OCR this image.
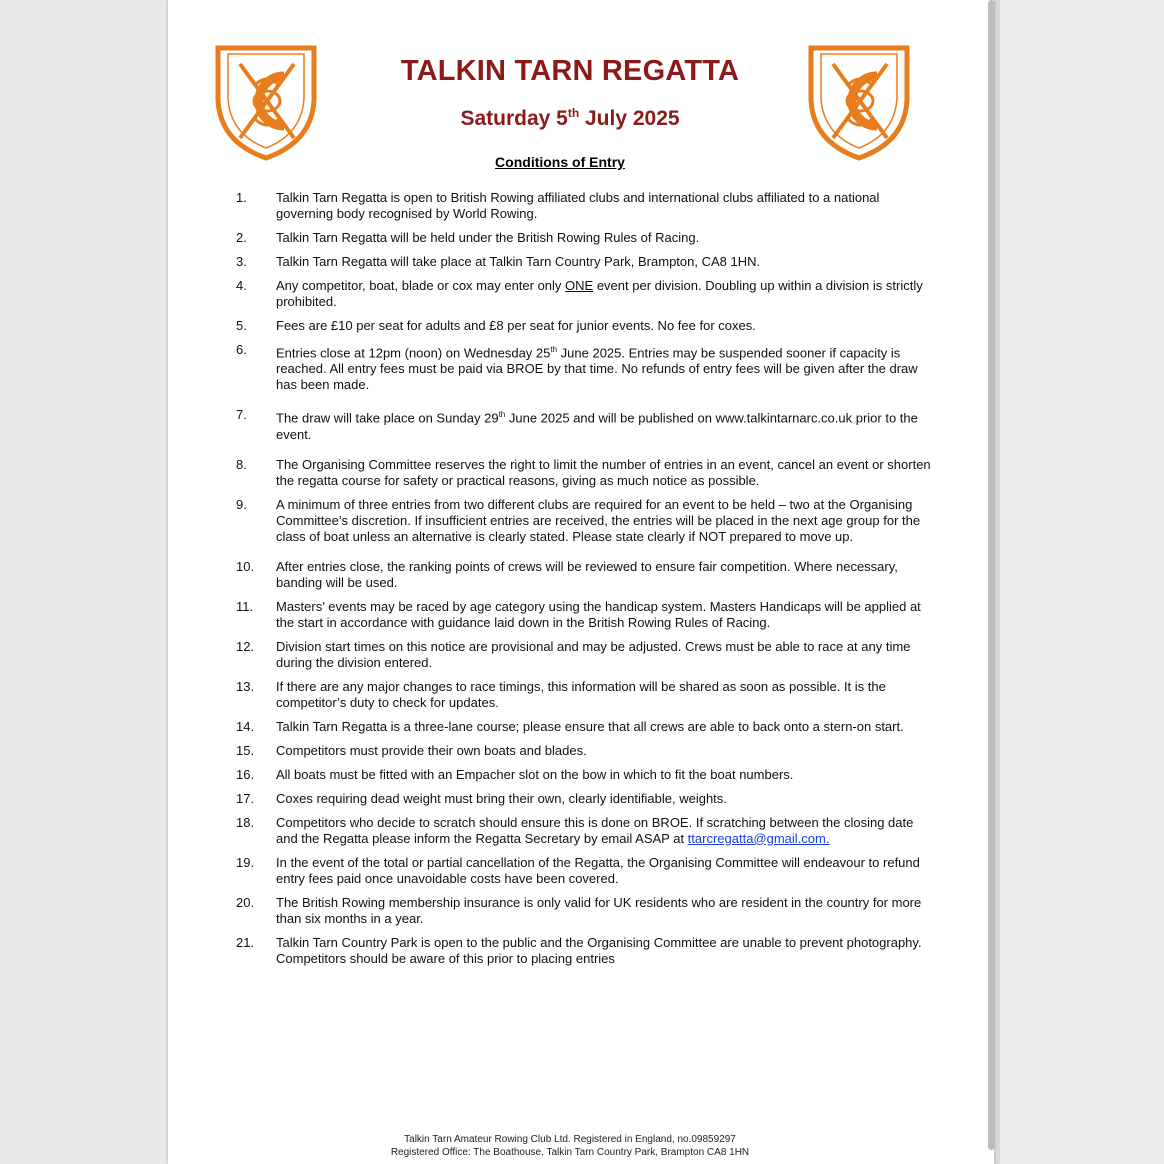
TALKIN TARN REGATTA
Saturday 5th July 2025
Conditions of Entry
1.	Talkin Tarn Regatta is open to British Rowing affiliated clubs and international clubs affiliated to a national governing body recognised by World Rowing.
2.	Talkin Tarn Regatta will be held under the British Rowing Rules of Racing.
3.	Talkin Tarn Regatta will take place at Talkin Tarn Country Park, Brampton, CA8 1HN.
4.	Any competitor, boat, blade or cox may enter only ONE event per division. Doubling up within a division is strictly prohibited.
5.	Fees are £10 per seat for adults and £8 per seat for junior events. No fee for coxes.
6.	Entries close at 12pm (noon) on Wednesday 25th June 2025. Entries may be suspended sooner if capacity is reached. All entry fees must be paid via BROE by that time. No refunds of entry fees will be given after the draw has been made.
7.	The draw will take place on Sunday 29th June 2025 and will be published on www.talkintarnarc.co.uk prior to the event.
8.	The Organising Committee reserves the right to limit the number of entries in an event, cancel an event or shorten the regatta course for safety or practical reasons, giving as much notice as possible.
9.	A minimum of three entries from two different clubs are required for an event to be held – two at the Organising Committee’s discretion. If insufficient entries are received, the entries will be placed in the next age group for the class of boat unless an alternative is clearly stated. Please state clearly if NOT prepared to move up.
10.	After entries close, the ranking points of crews will be reviewed to ensure fair competition. Where necessary, banding will be used.
11.	Masters’ events may be raced by age category using the handicap system. Masters Handicaps will be applied at the start in accordance with guidance laid down in the British Rowing Rules of Racing.
12.	Division start times on this notice are provisional and may be adjusted. Crews must be able to race at any time during the division entered.
13.	If there are any major changes to race timings, this information will be shared as soon as possible. It is the competitor’s duty to check for updates.
14.	Talkin Tarn Regatta is a three-lane course; please ensure that all crews are able to back onto a stern-on start.
15.	Competitors must provide their own boats and blades.
16.	All boats must be fitted with an Empacher slot on the bow in which to fit the boat numbers.
17.	Coxes requiring dead weight must bring their own, clearly identifiable, weights.
18.	Competitors who decide to scratch should ensure this is done on BROE. If scratching between the closing date and the Regatta please inform the Regatta Secretary by email ASAP at ttarcregatta@gmail.com.
19.	In the event of the total or partial cancellation of the Regatta, the Organising Committee will endeavour to refund entry fees paid once unavoidable costs have been covered.
20.	The British Rowing membership insurance is only valid for UK residents who are resident in the country for more than six months in a year.
21.	Talkin Tarn Country Park is open to the public and the Organising Committee are unable to prevent photography. Competitors should be aware of this prior to placing entries
Talkin Tarn Amateur Rowing Club Ltd. Registered in England, no.09859297
Registered Office: The Boathouse, Talkin Tarn Country Park, Brampton CA8 1HN
